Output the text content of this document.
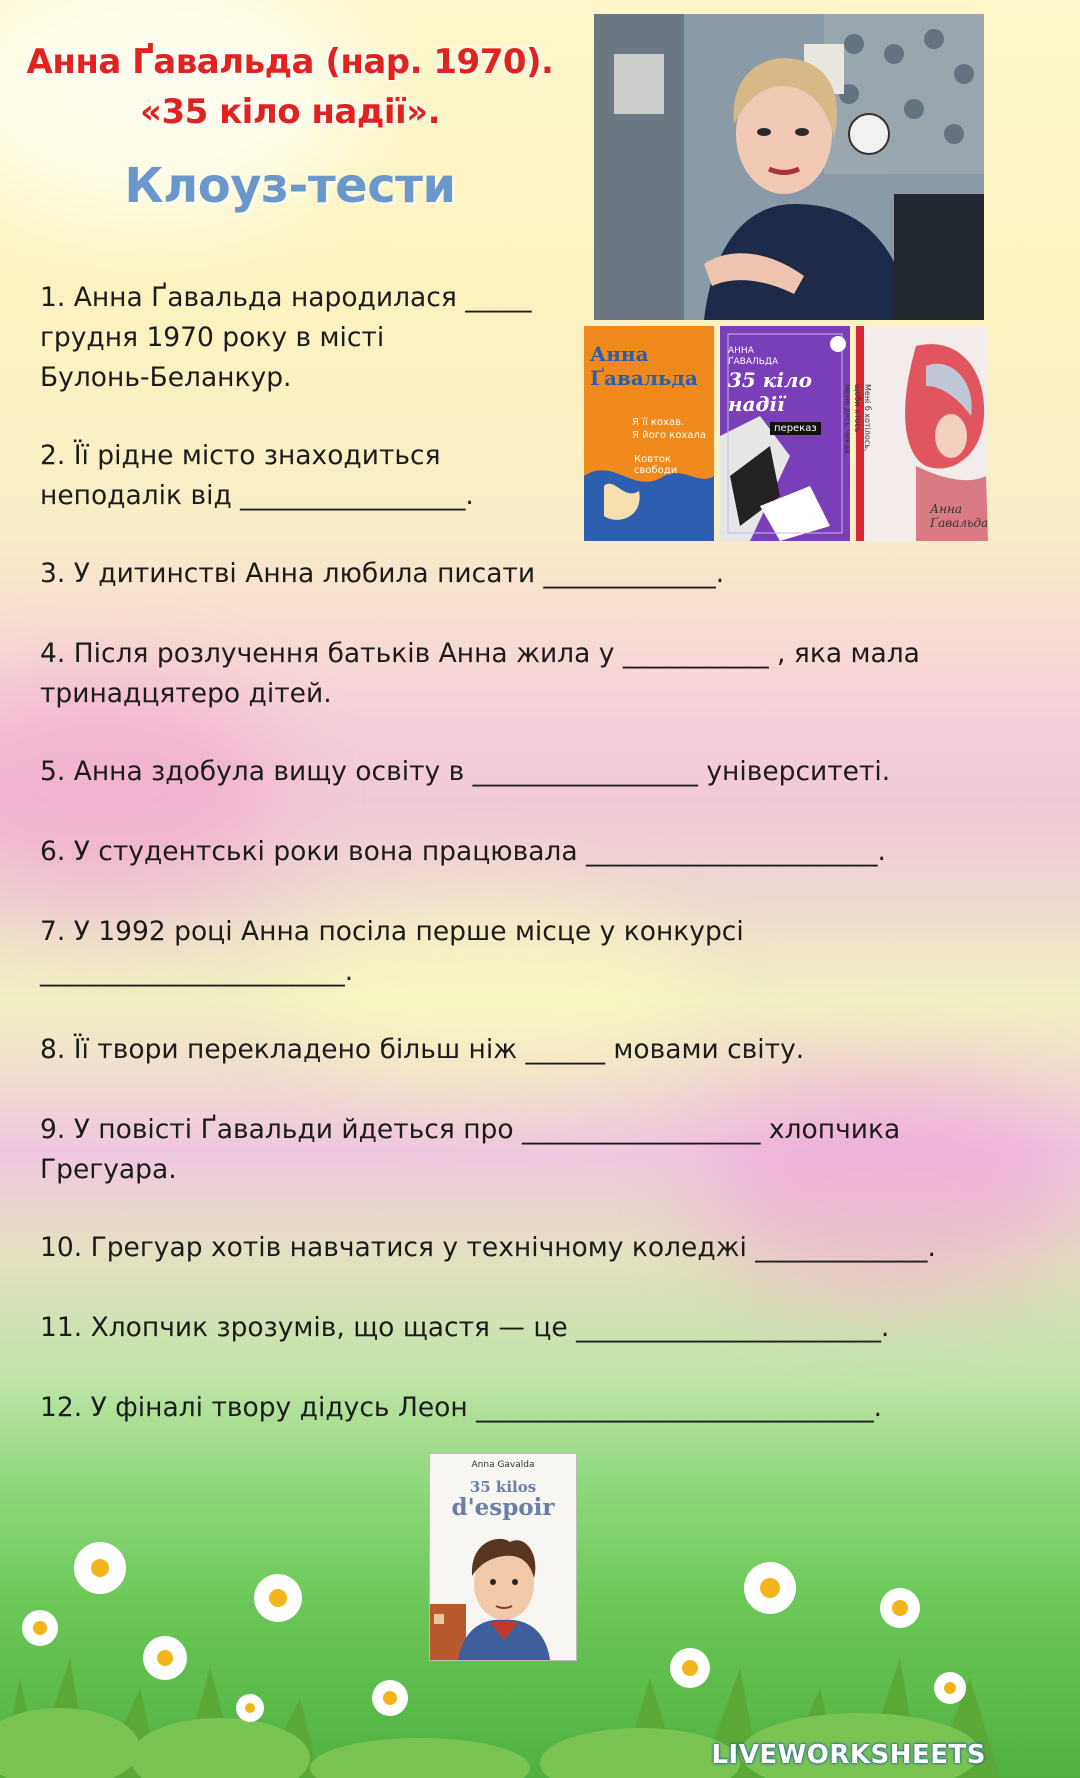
Анна Ґавальда (нар. 1970).
«35 кіло надії».
Клоуз-тести
Анна Ґавальда
Я її кохав.
Я його кохала
Ковток свободи
АННА ҐАВАЛЬДА
35 кіло надії
переказ	Мені б хотілось, щоби хтось мене десь чекав
Анна Ґавальда
1. Анна Ґавальда народилася _____
грудня 1970 року в місті
Булонь-Беланкур.
2. Її рідне місто знаходиться
неподалік від _________________.
3. У дитинстві Анна любила писати _____________.
4. Після розлучення батьків Анна жила у ___________ , яка мала
тринадцятеро дітей.
5. Анна здобула вищу освіту в _________________ університеті.
6. У студентські роки вона працювала ______________________.
7. У 1992 році Анна посіла перше місце у конкурсі
_______________________.
8. Її твори перекладено більш ніж ______ мовами світу.
9. У повісті Ґавальди йдеться про __________________ хлопчика
Грегуара.
10. Грегуар хотів навчатися у технічному коледжі _____________.
11. Хлопчик зрозумів, що щастя — це _______________________.
12. У фіналі твору дідусь Леон ______________________________.
Anna Gavalda
35 kilos
d'espoir
LIVEWORKSHEETS
